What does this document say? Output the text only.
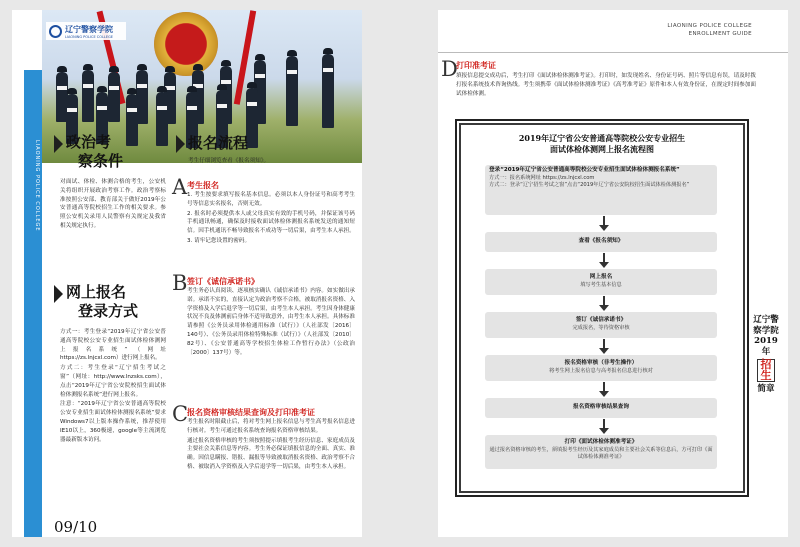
辽宁警察学院
LIAONING POLICE COLLEGE
LIAONING POLICE COLLEGE 政治考
察条件
对面试、体检、体测合格的考生，公安机关将组织开展政治考察工作。政治考察标准按照公安部、教育部关于做好2019年公安普通高等院校招生工作的相关要求。参照公安机关录用人民警察有关规定及我省相关规定执行。
网上报名
登录方式

方式一：考生登录“2019年辽宁省公安普通高等院校公安专业招生面试体检体测网上报名系统”（网址https://zs.lnjcxl.com）进行网上报名。

方式二：考生登录“辽宁招生考试之窗”（网址：http://www.lnzsks.com），点击“2019年辽宁省公安院校招生面试体检体测报名系统”进行网上报名。

注意：“2019年辽宁省公安普通高等院校公安专业招生面试体检体测报名系统”要求Windows7以上版本操作系统，推荐使用IE10以上，360极速，google等主流浏览器最新版本访问。

09/10
报名流程
考生仔细浏览查看《报名须知》。
A 考生报名

1. 考生按要求填写报名基本信息。必须以本人身份证号和高考考生号等信息实名报名，否则无效。

2. 报名时必须提供本人或父母真实有效的手机号码，并保证该号码手机通讯畅通，确保及时接收面试体检体测报名系统发送的通知短信。因手机通讯不畅导致报名不成功等一切后果，由考生本人承担。

3. 请牢记您设置的密码。

B 签订《诚信承诺书》
考生务必认真阅读、逐项核实确认《诚信承诺书》内容。如实做出承诺。承诺不实的，直接认定为政治考察不合格，被取消报名资格、入学资格及入学后退学等一切后果，由考生本人承担。考生因身体健康状况不良及体测前后身体不适导致意外，由考生本人承担。具体标准请参照《公务员录用体检通用标准（试行）》（人社部发〔2016〕140号）、《公务员录用体检特殊标准（试行）》（人社部发〔2010〕82号）、《公安普通高等学校招生体检工作暂行办法》（公政治〔2000〕137号）等。
C
报名资格审核结果查询及打印准考证

考生报名时限截止后，将对考生网上报名信息与考生高考报名信息进行核对。考生可通过报名系统查询报名资格审核结果。

通过报名资格审核的考生须按照提示填报考生经历信息、家庭成员及主要社会关系信息等内容。考生务必保证填报信息的全面、真实、准确。因信息瞒报、错报、漏报等导致被取消报名资格、政治考察不合格、被取消入学资格及入学后退学等一切后果，由考生本人承担。

LIAONING POLICE COLLEGE
ENROLLMENT GUIDE
D
打印准考证
填报信息提交成功后，考生打印《面试体检体测准考证》。打印时，如发现姓名、身份证号码、照片等信息有误，请及时拨打报名系统技术咨询热线。考生须携带《面试体检体测准考证》《高考准考证》原件和本人有效身份证，在规定时间参加面试体检体测。
2019年辽宁省公安普通高等院校公安专业招生
面试体检体测网上报名流程图
登录“2019年辽宁省公安普通高等院校公安专业招生面试体检体测报名系统”
方式一：报名系统网址 https://zs.lnjcxl.com
方式二：登录“辽宁招生考试之窗”点击“2019年辽宁省公安院校招生面试体检体测报名”
查看《报名须知》
网上报名
填写考生基本信息
签订《诚信承诺书》
完成报名，等待资格审核
报名资格审核（非考生操作）
将考生网上报名信息与高考报名信息进行核对
报名资格审核结果查询
打印《面试体检体测准考证》
通过报名资格审核的考生，须填报考生经历及其家庭成员和主要社会关系等信息后，方可打印《面试体检体测准考证》
辽宁警察学院2019年
招生
简章
